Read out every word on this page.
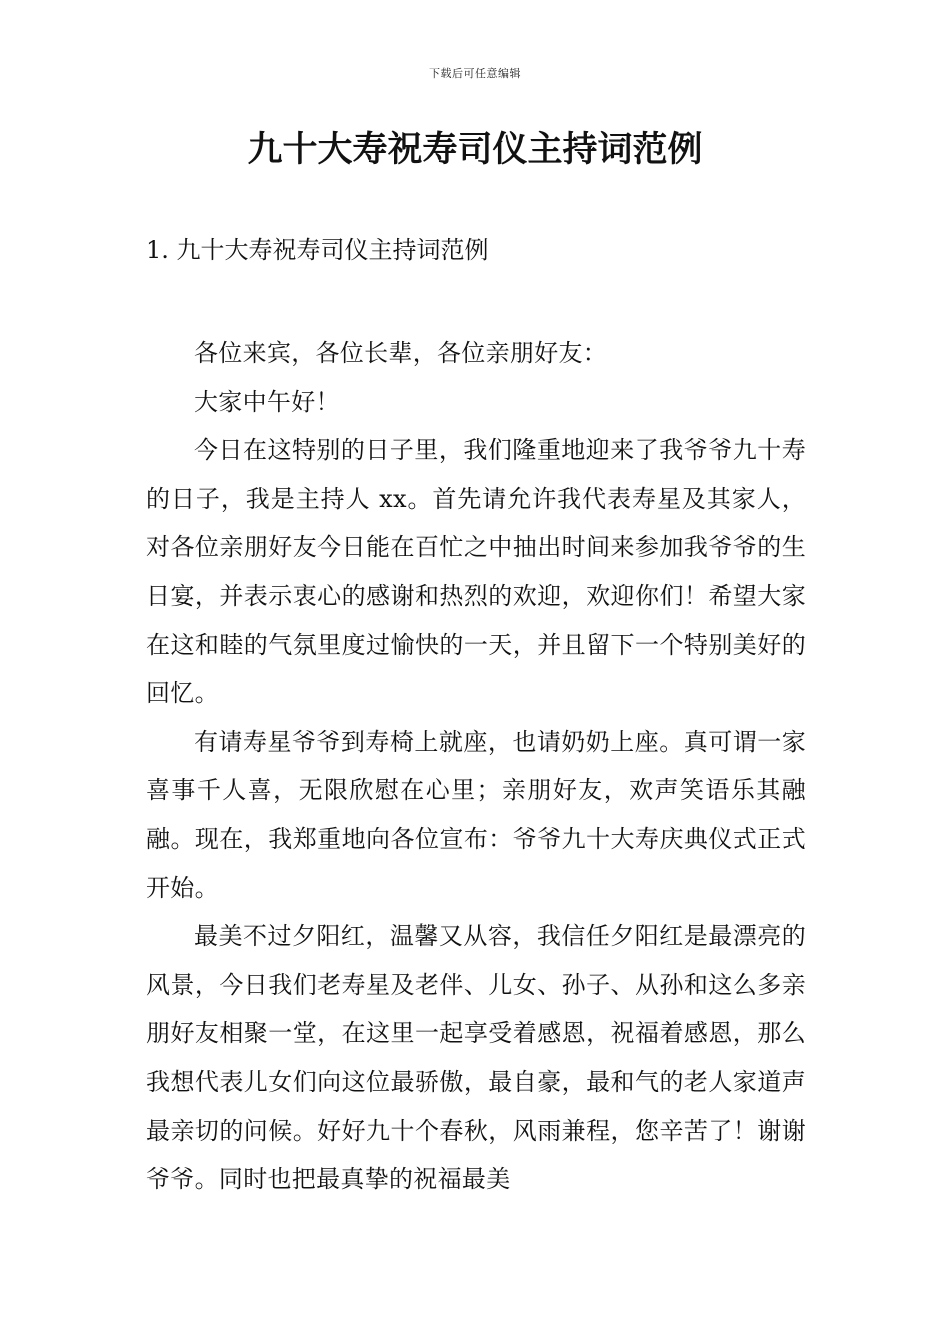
下载后可任意编辑
九十大寿祝寿司仪主持词范例
1. 九十大寿祝寿司仪主持词范例

各位来宾，各位长辈，各位亲朋好友：

大家中午好！

今日在这特别的日子里，我们隆重地迎来了我爷爷九十寿的日子，我是主持人 xx。首先请允许我代表寿星及其家人，对各位亲朋好友今日能在百忙之中抽出时间来参加我爷爷的生日宴，并表示衷心的感谢和热烈的欢迎，欢迎你们！希望大家在这和睦的气氛里度过愉快的一天，并且留下一个特别美好的回忆。

有请寿星爷爷到寿椅上就座，也请奶奶上座。真可谓一家喜事千人喜，无限欣慰在心里；亲朋好友，欢声笑语乐其融融。现在，我郑重地向各位宣布：爷爷九十大寿庆典仪式正式开始。

最美不过夕阳红，温馨又从容，我信任夕阳红是最漂亮的风景，今日我们老寿星及老伴、儿女、孙子、从孙和这么多亲朋好友相聚一堂，在这里一起享受着感恩，祝福着感恩，那么我想代表儿女们向这位最骄傲，最自豪，最和气的老人家道声最亲切的问候。好好九十个春秋，风雨兼程，您辛苦了！谢谢爷爷。同时也把最真挚的祝福最美
